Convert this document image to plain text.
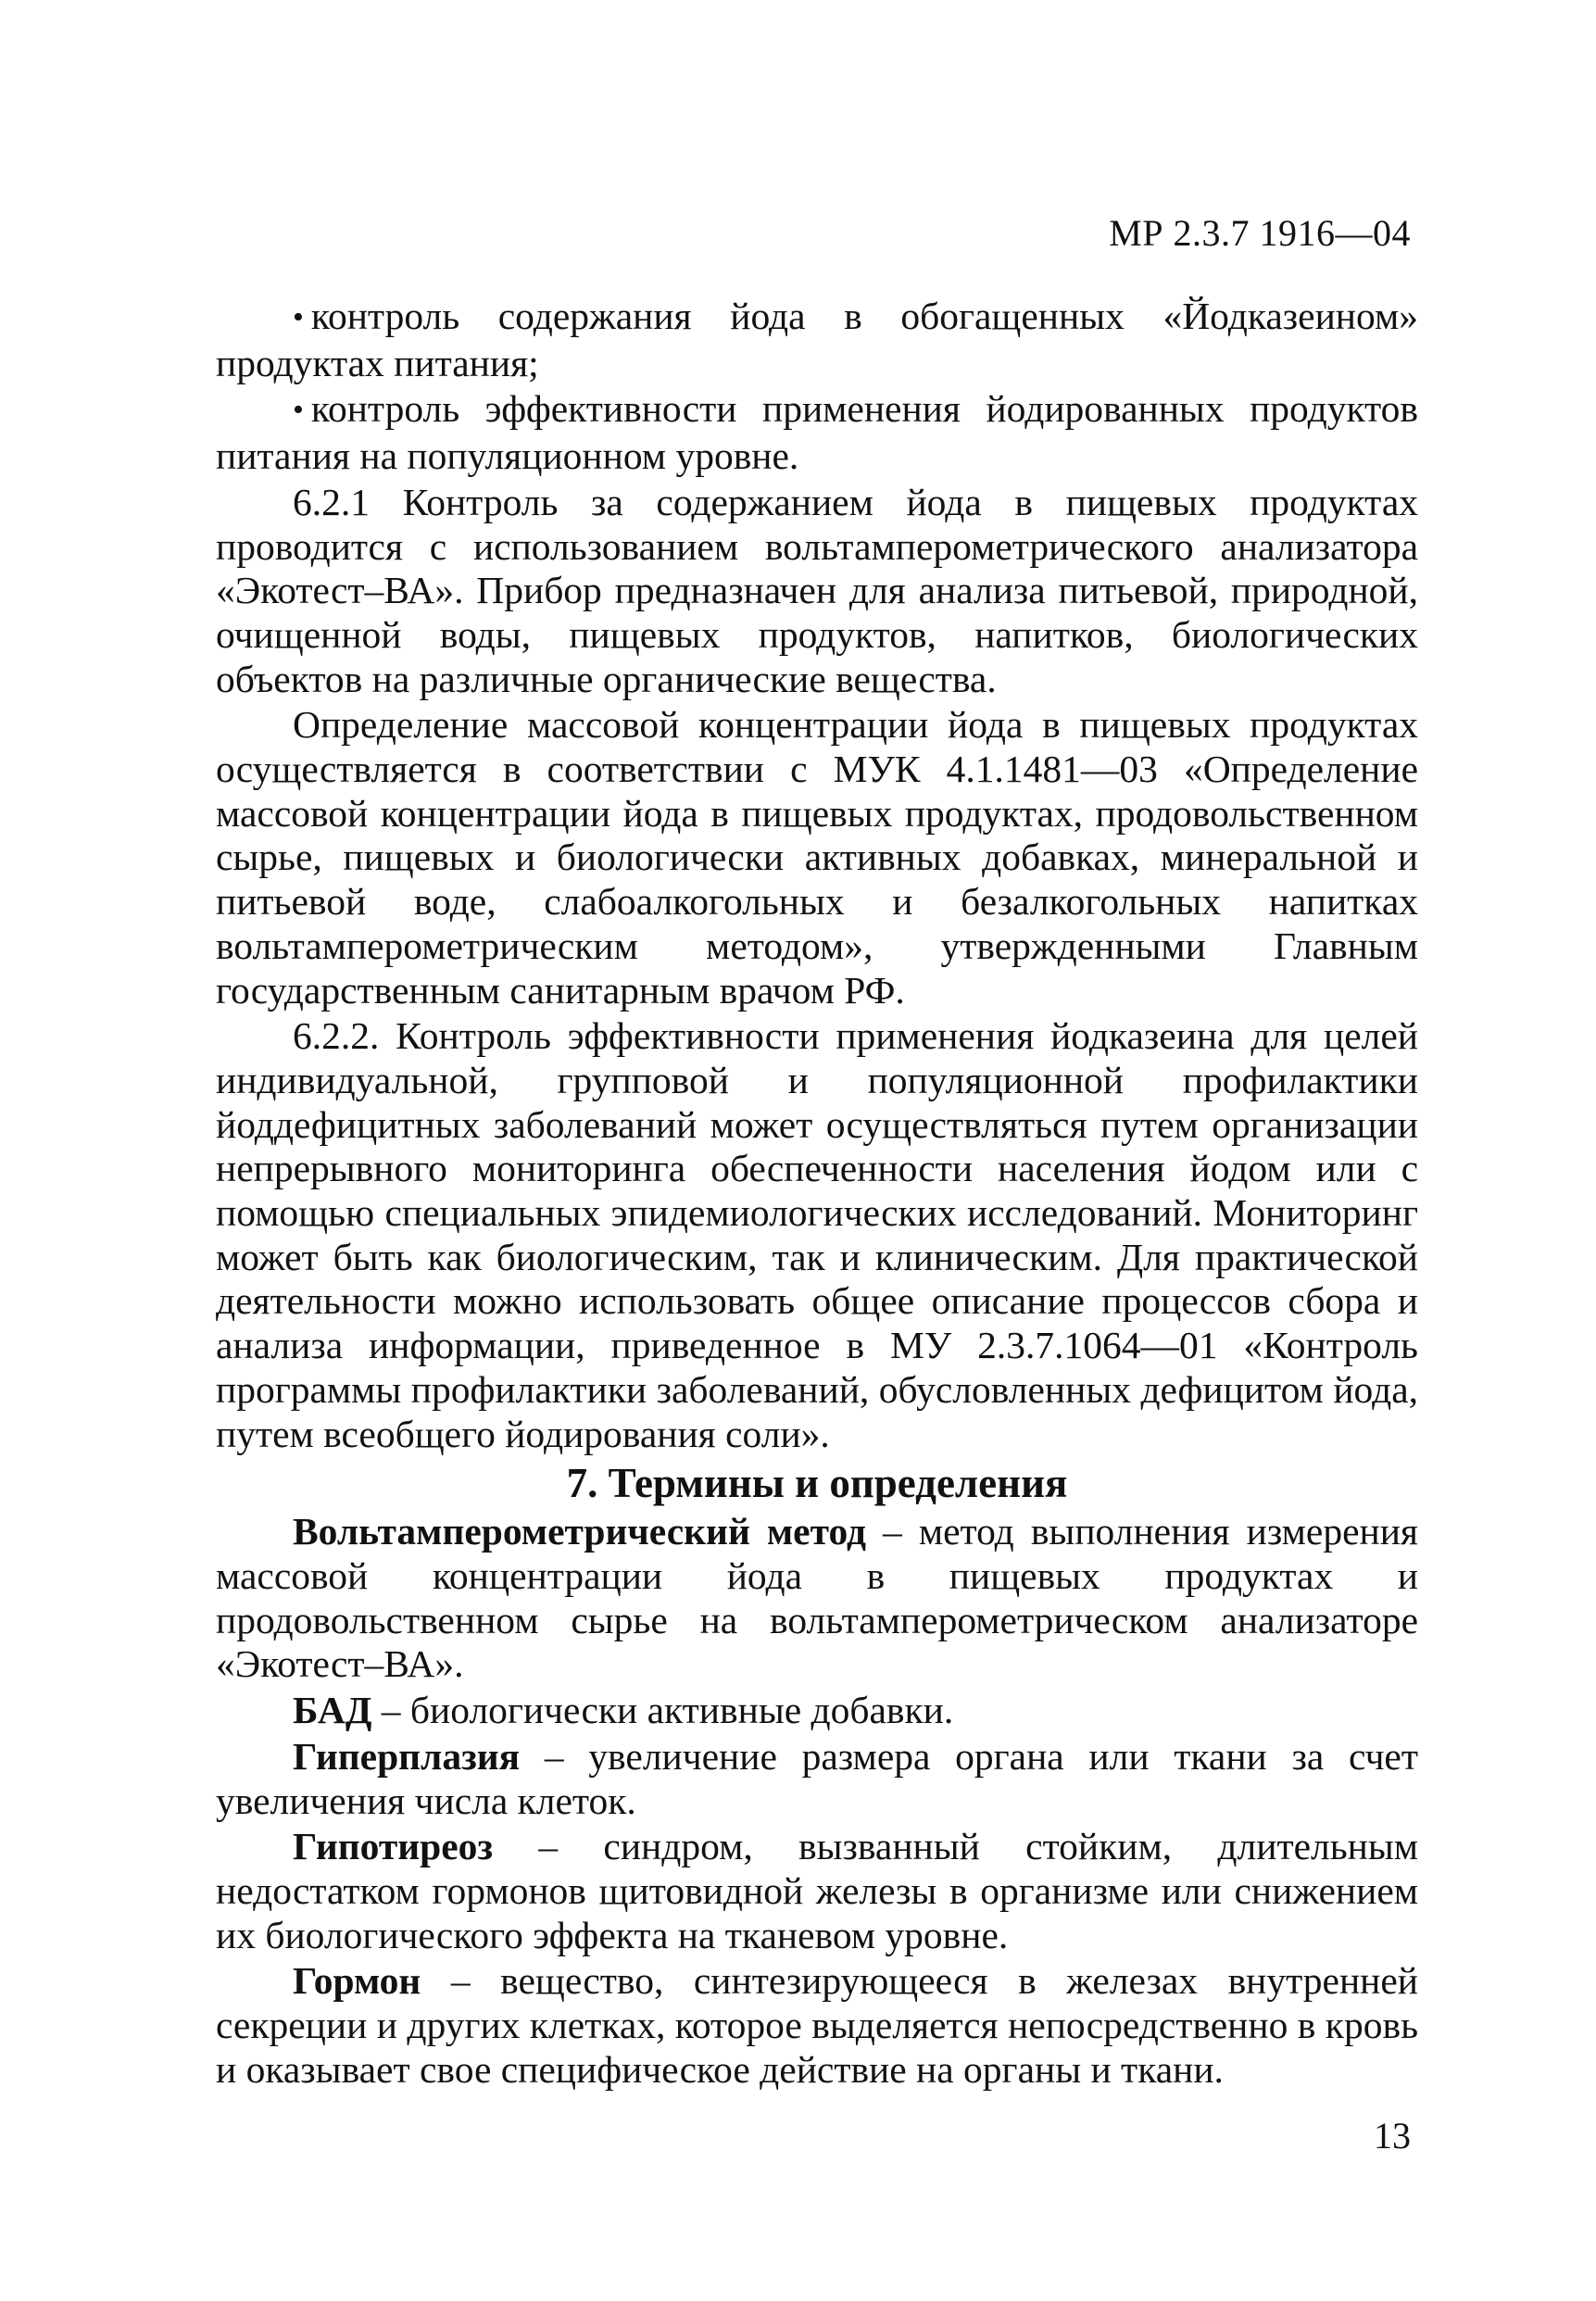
МР 2.3.7 1916—04

• контроль содержания йода в обогащенных «Йодказеином» продуктах питания;

• контроль эффективности применения йодированных продуктов питания на популяционном уровне.

6.2.1 Контроль за содержанием йода в пищевых продуктах проводится с использованием вольтамперометрического анализатора «Экотест–ВА». Прибор предназначен для анализа питьевой, природной, очищенной воды, пищевых продуктов, напитков, биологических объектов на различные органические вещества.

Определение массовой концентрации йода в пищевых продуктах осуществляется в соответствии с МУК 4.1.1481—03 «Определение массовой концентрации йода в пищевых продуктах, продовольственном сырье, пищевых и биологически активных добавках, минеральной и питьевой воде, слабоалкогольных и безалкогольных напитках вольтамперометрическим методом», утвержденными Главным государственным санитарным врачом РФ.

6.2.2. Контроль эффективности применения йодказеина для целей индивидуальной, групповой и популяционной профилактики йоддефицитных заболеваний может осуществляться путем организации непрерывного мониторинга обеспеченности населения йодом или с помощью специальных эпидемиологических исследований. Мониторинг может быть как биологическим, так и клиническим. Для практической деятельности можно использовать общее описание процессов сбора и анализа информации, приведенное в МУ 2.3.7.1064—01 «Контроль программы профилактики заболеваний, обусловленных дефицитом йода, путем всеобщего йодирования соли».

7. Термины и определения

Вольтамперометрический метод – метод выполнения измерения массовой концентрации йода в пищевых продуктах и продовольственном сырье на вольтамперометрическом анализаторе «Экотест–ВА».

БАД – биологически активные добавки.

Гиперплазия – увеличение размера органа или ткани за счет увеличения числа клеток.

Гипотиреоз – синдром, вызванный стойким, длительным недостатком гормонов щитовидной железы в организме или снижением их биологического эффекта на тканевом уровне.

Гормон – вещество, синтезирующееся в железах внутренней секреции и других клетках, которое выделяется непосредственно в кровь и оказывает свое специфическое действие на органы и ткани.

13
